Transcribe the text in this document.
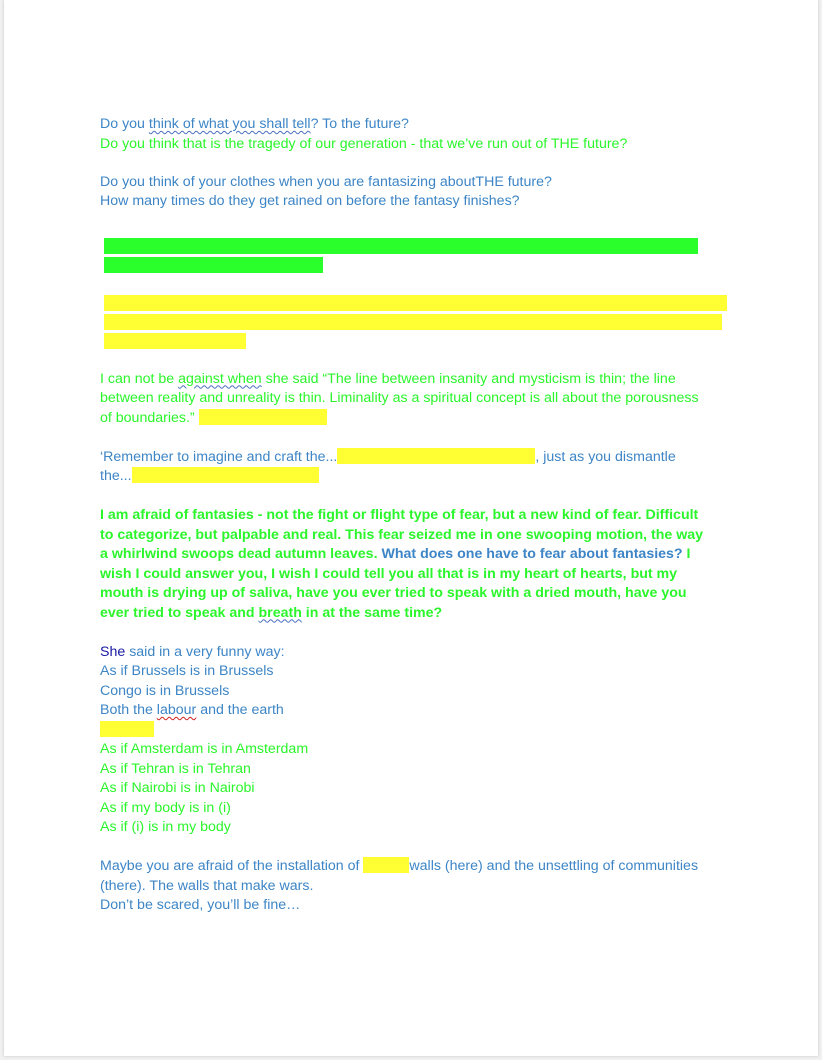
Do you think of what you shall tell? To the future?
Do you think that is the tragedy of our generation - that we’ve run out of THE future?
Do you think of your clothes when you are fantasizing aboutTHE future?
How many times do they get rained on before the fantasy finishes?
I can not be against when she said “The line between insanity and mysticism is thin; the line
between reality and unreality is thin. Liminality as a spiritual concept is all about the porousness
of boundaries.”
‘Remember to imagine and craft the...	, just as you dismantle
the...
I am afraid of fantasies - not the fight or flight type of fear, but a new kind of fear. Difficult
to categorize, but palpable and real. This fear seized me in one swooping motion, the way
a whirlwind swoops dead autumn leaves. What does one have to fear about fantasies? I
wish I could answer you, I wish I could tell you all that is in my heart of hearts, but my
mouth is drying up of saliva, have you ever tried to speak with a dried mouth, have you
ever tried to speak and breath in at the same time?
She said in a very funny way:
As if Brussels is in Brussels
Congo is in Brussels
Both the labour and the earth
As if Amsterdam is in Amsterdam
As if Tehran is in Tehran
As if Nairobi is in Nairobi
As if my body is in (i)
As if (i) is in my body
Maybe you are afraid of the installation of	walls (here) and the unsettling of communities
(there). The walls that make wars.
Don’t be scared, you’ll be fine…
